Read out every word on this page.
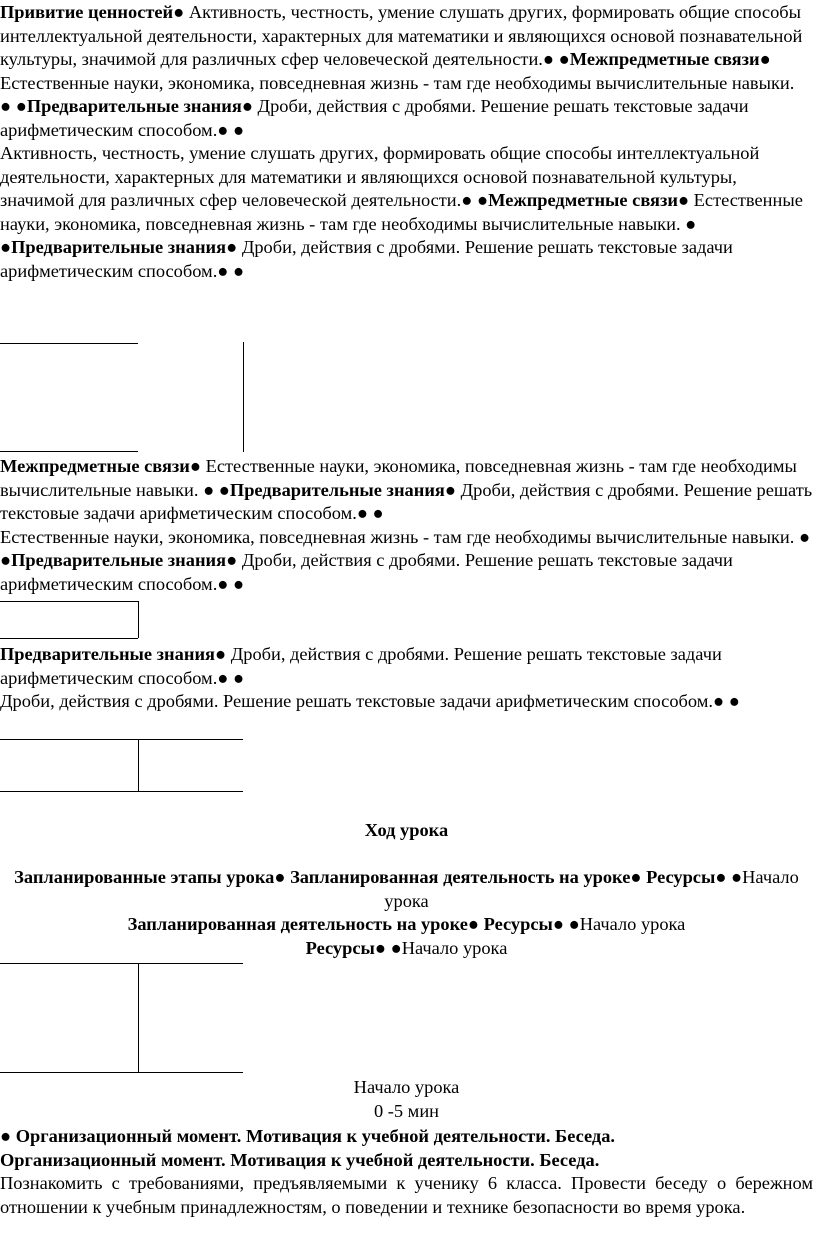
Привитие ценностей● Активность, честность, умение слушать других, формировать общие способы интеллектуальной деятельности, характерных для математики и являющихся основой познавательной культуры, значимой для различных сфер человеческой деятельности.● ●Межпредметные связи● Естественные науки, экономика, повседневная жизнь - там где необходимы вычислительные навыки.

● ●Предварительные знания● Дроби, действия с дробями. Решение решать текстовые задачи арифметическим способом.● ●

Активность, честность, умение слушать других, формировать общие способы интеллектуальной деятельности, характерных для математики и являющихся основой познавательной культуры, значимой для различных сфер человеческой деятельности.● ●Межпредметные связи● Естественные науки, экономика, повседневная жизнь - там где необходимы вычислительные навыки. ● ●Предварительные знания● Дроби, действия с дробями. Решение решать текстовые задачи арифметическим способом.● ●

Межпредметные связи● Естественные науки, экономика, повседневная жизнь - там где необходимы вычислительные навыки. ● ●Предварительные знания● Дроби, действия с дробями. Решение решать текстовые задачи арифметическим способом.● ●

Естественные науки, экономика, повседневная жизнь - там где необходимы вычислительные навыки. ● ●Предварительные знания● Дроби, действия с дробями. Решение решать текстовые задачи арифметическим способом.● ●

Предварительные знания● Дроби, действия с дробями. Решение решать текстовые задачи арифметическим способом.● ●

Дроби, действия с дробями. Решение решать текстовые задачи арифметическим способом.● ●

Ход урока

Запланированные этапы урока● Запланированная деятельность на уроке● Ресурсы● ●Начало урока

Запланированная деятельность на уроке● Ресурсы● ●Начало урока

Ресурсы● ●Начало урока

Начало урока

0 -5 мин

● Организационный момент. Мотивация к учебной деятельности. Беседа.

Организационный момент. Мотивация к учебной деятельности. Беседа.

Познакомить с требованиями, предъявляемыми к ученику 6 класса. Провести беседу о бережном отношении к учебным принадлежностям, о поведении и технике безопасности во время урока.
